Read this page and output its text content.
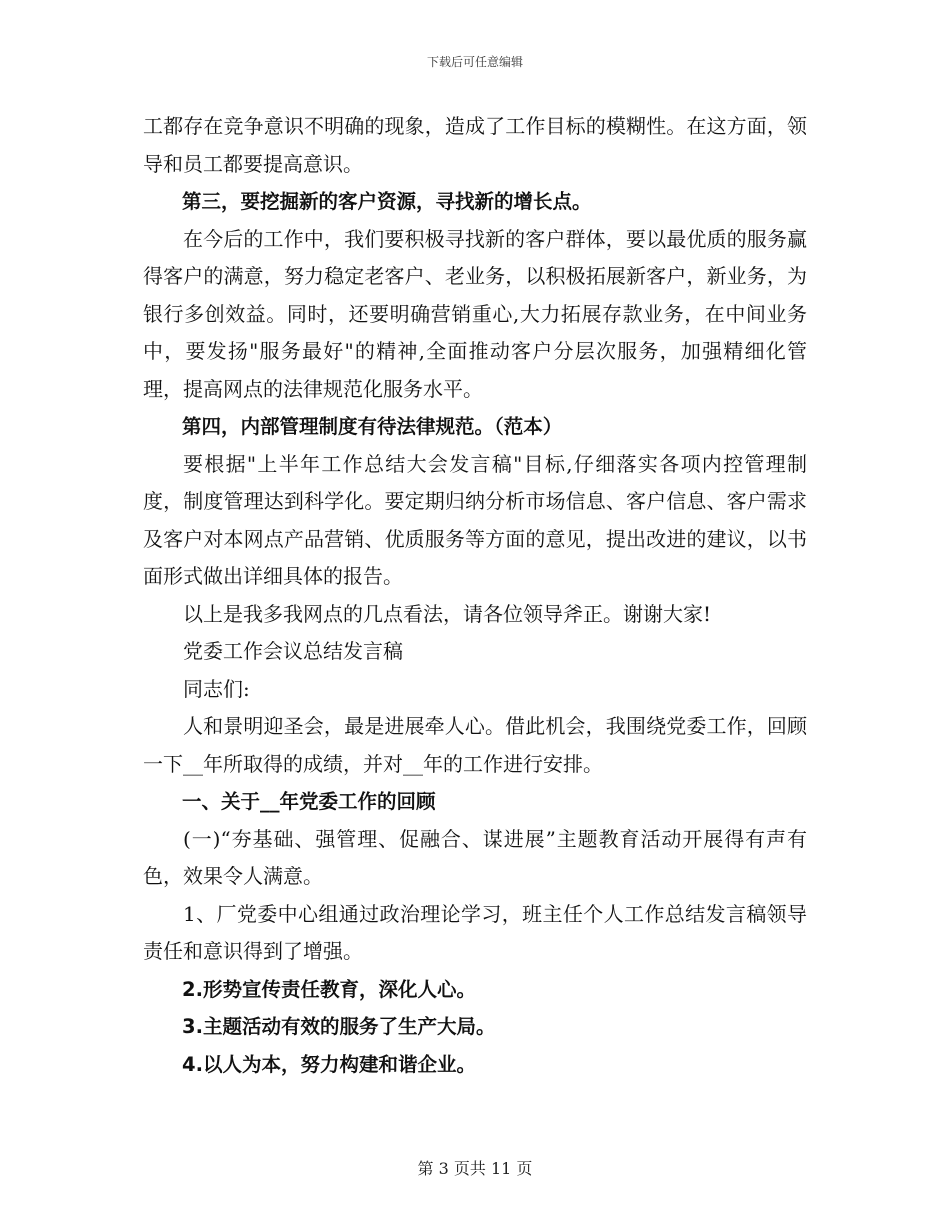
下载后可任意编辑

工都存在竞争意识不明确的现象，造成了工作目标的模糊性。在这方面，领导和员工都要提高意识。

第三，要挖掘新的客户资源，寻找新的增长点。

在今后的工作中，我们要积极寻找新的客户群体，要以最优质的服务赢得客户的满意，努力稳定老客户、老业务，以积极拓展新客户，新业务，为银行多创效益。同时，还要明确营销重心,大力拓展存款业务，在中间业务中，要发扬"服务最好"的精神,全面推动客户分层次服务，加强精细化管理，提高网点的法律规范化服务水平。

第四，内部管理制度有待法律规范。（范本）

要根据"上半年工作总结大会发言稿"目标,仔细落实各项内控管理制度，制度管理达到科学化。要定期归纳分析市场信息、客户信息、客户需求及客户对本网点产品营销、优质服务等方面的意见，提出改进的建议，以书面形式做出详细具体的报告。

以上是我多我网点的几点看法，请各位领导斧正。谢谢大家!

党委工作会议总结发言稿

同志们:

人和景明迎圣会，最是进展牵人心。借此机会，我围绕党委工作，回顾一下__年所取得的成绩，并对__年的工作进行安排。

一、关于__年党委工作的回顾

(一)“夯基础、强管理、促融合、谋进展”主题教育活动开展得有声有色，效果令人满意。

1、厂党委中心组通过政治理论学习，班主任个人工作总结发言稿领导责任和意识得到了增强。

2.形势宣传责任教育，深化人心。

3.主题活动有效的服务了生产大局。

4.以人为本，努力构建和谐企业。

第 3 页共 11 页
